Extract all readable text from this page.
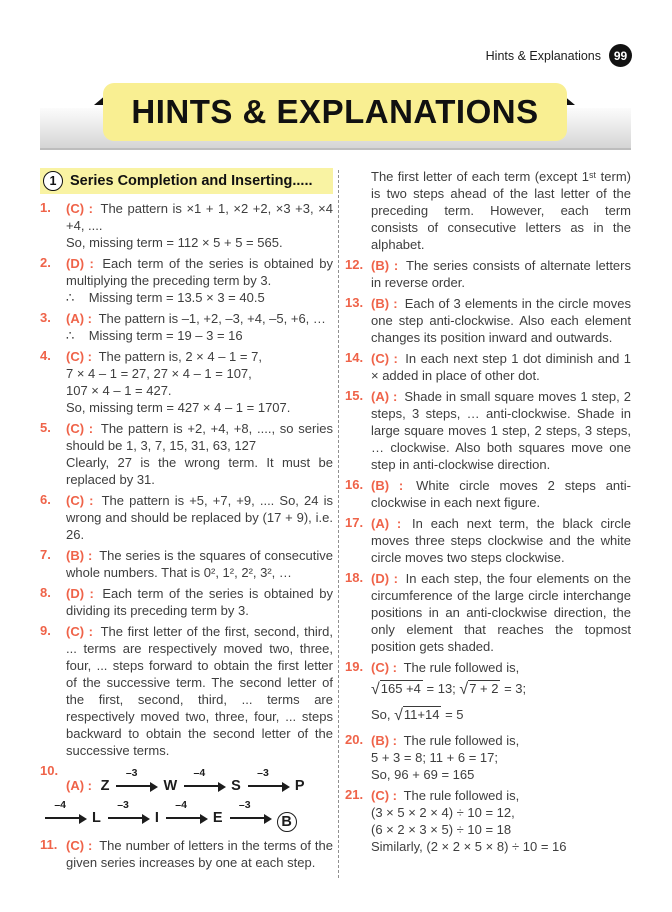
Hints & Explanations	99
HINTS & EXPLANATIONS
1 Series Completion and Inserting.....
1. (C) : The pattern is ×1 + 1, ×2 +2, ×3 +3, ×4 +4, ....
So, missing term = 112 × 5 + 5 = 565.
2. (D) : Each term of the series is obtained by multiplying the preceding term by 3.
∴    Missing term = 13.5 × 3 = 40.5
3. (A) : The pattern is –1, +2, –3, +4, –5, +6, …
∴    Missing term = 19 – 3 = 16
4. (C) : The pattern is, 2 × 4 – 1 = 7,
7 × 4 – 1 = 27, 27 × 4 – 1 = 107,
107 × 4 – 1 = 427.
So, missing term = 427 × 4 – 1 = 1707.
5. (C) : The pattern is +2, +4, +8, ...., so series should be 1, 3, 7, 15, 31, 63, 127
Clearly, 27 is the wrong term. It must be replaced by 31.
6. (C) : The pattern is +5, +7, +9, .... So, 24 is wrong and should be replaced by (17 + 9), i.e. 26.
7. (B) : The series is the squares of consecutive whole numbers. That is 0², 1², 2², 3², …
8. (D) : Each term of the series is obtained by dividing its preceding term by 3.
9. (C) : The first letter of the first, second, third, ... terms are respectively moved two, three, four, ... steps forward to obtain the first letter of the successive term. The second letter of the first, second, third, ... terms are respectively moved two, three, four, ... steps backward to obtain the second letter of the successive terms.
10.
(A) : Z
–3
W
–4
S
–3
P
–4
L
–3
I
–4
E
–3
B
11. (C) : The number of letters in the terms of the given series increases by one at each step.
The first letter of each term (except 1ˢᵗ term) is two steps ahead of the last letter of the preceding term. However, each term consists of consecutive letters as in the alphabet.
12. (B) : The series consists of alternate letters in reverse order.
13. (B) : Each of 3 elements in the circle moves one step anti-clockwise. Also each element changes its position inward and outwards.
14. (C) : In each next step 1 dot diminish and 1 × added in place of other dot.
15. (A) : Shade in small square moves 1 step, 2 steps, 3 steps, … anti-clockwise. Shade in large square moves 1 step, 2 steps, 3 steps, … clockwise. Also both squares move one step in anti-clockwise direction.
16. (B) : White circle moves 2 steps anti-clockwise in each next figure.
17. (A) : In each next term, the black circle moves three steps clockwise and the white circle moves two steps clockwise.
18. (D) : In each step, the four elements on the circumference of the large circle interchange positions in an anti-clockwise direction, the only element that reaches the topmost position gets shaded.
19. (C) : The rule followed is,
√165 +4 = 13; √7 + 2 = 3;
So, √11+14 = 5
20. (B) : The rule followed is,
5 + 3 = 8; 11 + 6 = 17;
So, 96 + 69 = 165
21. (C) : The rule followed is,
(3 × 5 × 2 × 4) ÷ 10 = 12,
(6 × 2 × 3 × 5) ÷ 10 = 18
Similarly, (2 × 2 × 5 × 8) ÷ 10 = 16
